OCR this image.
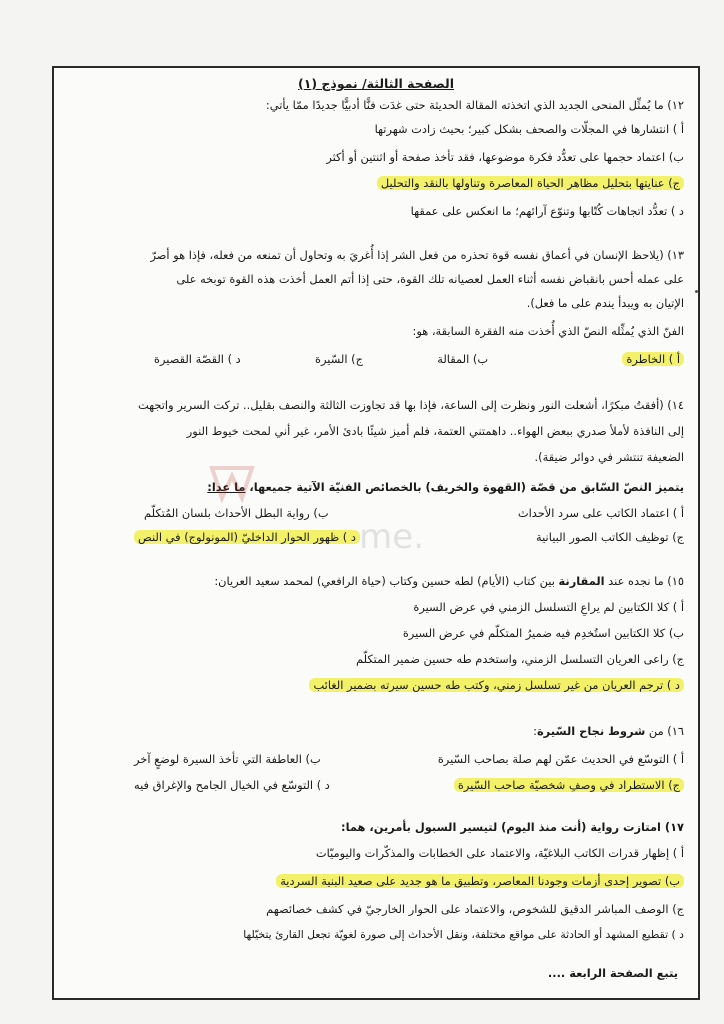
الصفحة الثالثة/ نموذج (١)
١٢) ما يُمثِّل المنحى الجديد الذي اتخذته المقالة الحديثة حتى غدَت فنًّا أدبيًّا جديدًا ممّا يأتي:
أ ) انتشارها في المجلّات والصحف بشكل كبير؛ بحيث زادت شهرتها
ب) اعتماد حجمها على تعدُّد فكرة موضوعها، فقد تأخذ صفحة أو اثنتين أو أكثر
ج) عنايتها بتحليل مظاهر الحياة المعاصرة وتناولها بالنقد والتحليل
د ) تعدُّد اتجاهات كُتّابها وتنوّع آرائهم؛ ما انعكس على عمقها
١٣) (يلاحظ الإنسان في أعماق نفسه قوة تحذره من فعل الشر إذا أُغريَ به وتحاول أن تمنعه من فعله، فإذا هو أصرّ
على عمله أحس بانقباض نفسه أثناء العمل لعصيانه تلك القوة، حتى إذا أتم العمل أخذت هذه القوة توبخه على
الإتيان به ويبدأ يندم على ما فعل).
الفنّ الذي يُمثِّله النصّ الذي أُخذت منه الفقرة السابقة، هو:
أ ) الخاطرة
ب) المقالة
ج) السّيرة
د ) القصّة القصيرة
١٤) (أفقتُ مبكرًا، أشعلت النور ونظرت إلى الساعة، فإذا بها قد تجاوزت الثالثة والنصف بقليل.. تركت السرير واتجهت
إلى النافذة لأملأ صدري ببعض الهواء.. داهمتني العتمة، فلم أميز شيئًا بادئ الأمر، غير أني لمحت خيوط النور
الضعيفة تنتشر في دوائر ضيقة).
يتميز النصّ السّابق من قصّة (القهوة والخريف) بالخصائص الفنيّة الآتية جميعها، ما عدا:
أ ) اعتماد الكاتب على سرد الأحداث
ب) رواية البطل الأحداث بلسان المُتكلّم
ج) توظيف الكاتب الصور البيانية
د ) ظهور الحوار الداخليّ (المونولوج) في النص
١٥) ما نجده عند المقارنة بين كتاب (الأيام) لطه حسين وكتاب (حياة الرافعي) لمحمد سعيد العريان:
أ ) كلا الكتابين لم يراعِ التسلسل الزمني في عرض السيرة
ب) كلا الكتابين استُخدِم فيه ضميرُ المتكلّم في عرض السيرة
ج) راعى العريان التسلسل الزمني، واستخدم طه حسين ضمير المتكلّم
د ) ترجم العريان من غير تسلسل زمني، وكتب طه حسين سيرته بضمير الغائب
١٦) من شروط نجاح السّيرة:
أ ) التوسّع في الحديث عمّن لهم صلة بصاحب السّيرة
ب) العاطفة التي تأخذ السيرة لوضعٍ آخر
ج) الاستطراد في وصفِ شخصيّة صاحب السّيرة
د ) التوسّع في الخيال الجامح والإغراق فيه
١٧) امتازت رواية (أنت منذ اليوم) لتيسير السبول بأمرين، هما:
أ ) إظهار قدرات الكاتب البلاغيّة، والاعتماد على الخطابات والمذكّرات واليوميّات
ب) تصوير إحدى أزمات وجودنا المعاصر، وتطبيق ما هو جديد على صعيد البنية السردية
ج) الوصف المباشر الدقيق للشخوص، والاعتماد على الحوار الخارجيّ في كشف خصائصهم
د ) تقطيع المشهد أو الحادثة على مواقع مختلفة، ونقل الأحداث إلى صورة لغويّة تجعل القارئ يتخيّلها
يتبع الصفحة الرابعة ....
.me
